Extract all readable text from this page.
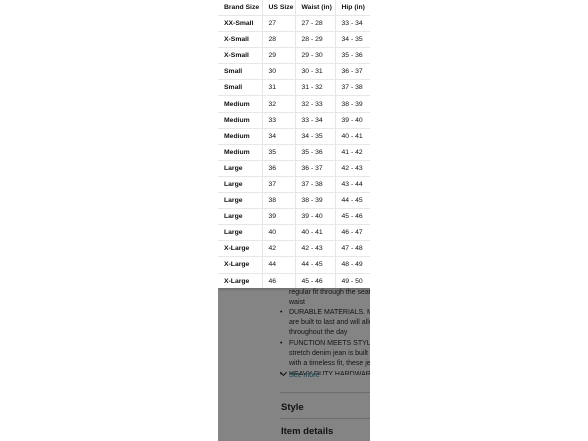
Brand Size	US Size	Waist (in)	Hip (in)
XX-Small	27	27 - 28	33 - 34
X-Small	28	28 - 29	34 - 35
X-Small	29	29 - 30	35 - 36
Small	30	30 - 31	36 - 37
Small	31	31 - 32	37 - 38
Medium	32	32 - 33	38 - 39
Medium	33	33 - 34	39 - 40
Medium	34	34 - 35	40 - 41
Medium	35	35 - 36	41 - 42
Large	36	36 - 37	42 - 43
Large	37	37 - 38	43 - 44
Large	38	38 - 39	44 - 45
Large	39	39 - 40	45 - 46
Large	40	40 - 41	46 - 47
X-Large	42	42 - 43	47 - 48
X-Large	44	44 - 45	48 - 49
X-Large	46	45 - 46	49 - 50
